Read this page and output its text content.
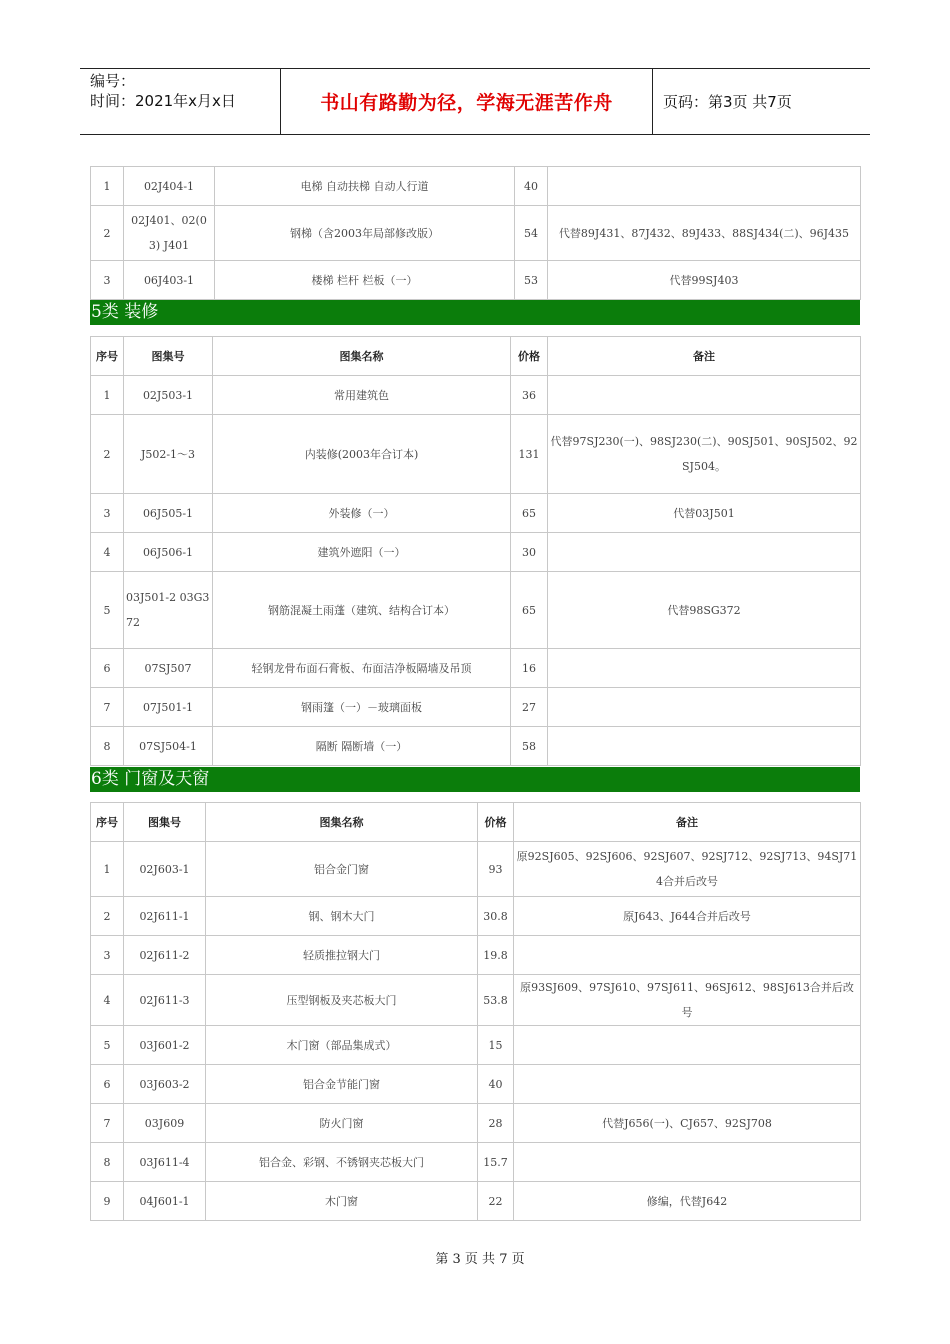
编号：
时间：2021年x月x日	书山有路勤为径，学海无涯苦作舟	页码：第3页 共7页
1	02J404-1	电梯 自动扶梯 自动人行道	40	
2	02J401、02(03) J401	钢梯（含2003年局部修改版）	54	代替89J431、87J432、89J433、88SJ434(二)、96J435
3	06J403-1	楼梯 栏杆 栏板（一）	53	代替99SJ403
5类 装修
序号	图集号	图集名称	价格	备注
1	02J503-1	常用建筑色	36	
2	J502-1～3	内装修(2003年合订本)	131	代替97SJ230(一)、98SJ230(二)、90SJ501、90SJ502、92SJ504。
3	06J505-1	外装修（一）	65	代替03J501
4	06J506-1	建筑外遮阳（一）	30	
5	03J501-2 03G372	钢筋混凝土雨蓬（建筑、结构合订本）	65	代替98SG372
6	07SJ507	轻钢龙骨布面石膏板、布面洁净板隔墙及吊顶	16	
7	07J501-1	钢雨篷（一）－玻璃面板	27	
8	07SJ504-1	隔断 隔断墙（一）	58	
6类 门窗及天窗
序号	图集号	图集名称	价格	备注
1	02J603-1	铝合金门窗	93	原92SJ605、92SJ606、92SJ607、92SJ712、92SJ713、94SJ714合并后改号
2	02J611-1	钢、钢木大门	30.8	原J643、J644合并后改号
3	02J611-2	轻质推拉钢大门	19.8	
4	02J611-3	压型钢板及夹芯板大门	53.8	原93SJ609、97SJ610、97SJ611、96SJ612、98SJ613合并后改号
5	03J601-2	木门窗（部品集成式）	15	
6	03J603-2	铝合金节能门窗	40	
7	03J609	防火门窗	28	代替J656(一)、CJ657、92SJ708
8	03J611-4	铝合金、彩钢、不锈钢夹芯板大门	15.7	
9	04J601-1	木门窗	22	修编，代替J642
第 3 页 共 7 页
